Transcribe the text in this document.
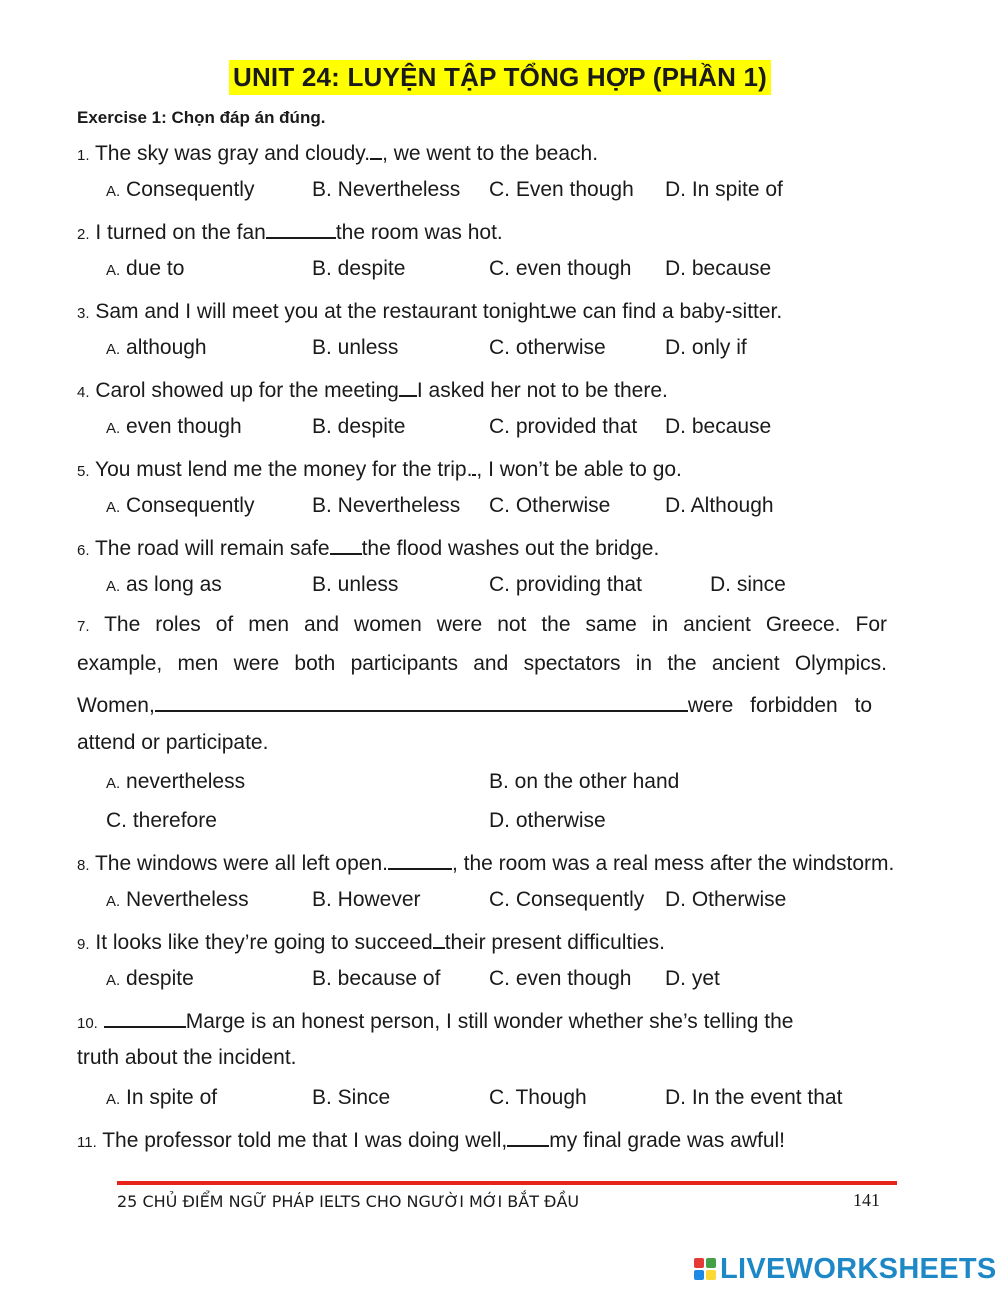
UNIT 24: LUYỆN TẬP TỔNG HỢP (PHẦN 1)
Exercise 1: Chọn đáp án đúng.
1. The sky was gray and cloudy. , we went to the beach.
A. Consequently	B. Nevertheless C. Even though D. In spite of
2. I turned on the fan	the room was hot.
A. due to	B. despite	C. even though D. because
3. Sam and I will meet you at the restaurant tonight we can find a baby-sitter.
A. although	B. unless	C. otherwise	D. only if
4. Carol showed up for the meeting I asked her not to be there.
A. even though	B. despite	C. provided that D. because
5. You must lend me the money for the trip. , I won’t be able to go.
A. Consequently	B. Nevertheless C. Otherwise	D. Although
6. The road will remain safe the flood washes out the bridge.
A. as long as	B. unless	C. providing that	D. since
7. The roles of men and women were not the same in ancient Greece. For
example, men were both participants and spectators in the ancient Olympics.
Women,	were forbidden to
attend or participate.
A. nevertheless	B. on the other hand
C. therefore	D. otherwise
8. The windows were all left open.	, the room was a real mess after the windstorm.
A. Nevertheless	B. However	C. Consequently D. Otherwise
9. It looks like they’re going to succeed their present difficulties.
A. despite	B. because of C. even though D. yet
10.	Marge is an honest person, I still wonder whether she’s telling the
truth about the incident.
A. In spite of	B. Since	C. Though	D. In the event that
11. The professor told me that I was doing well, my final grade was awful!
25 CHỦ ĐIỂM NGỮ PHÁP IELTS CHO NGƯỜI MỚI BẮT ĐẦU	141
LIVEWORKSHEETS
